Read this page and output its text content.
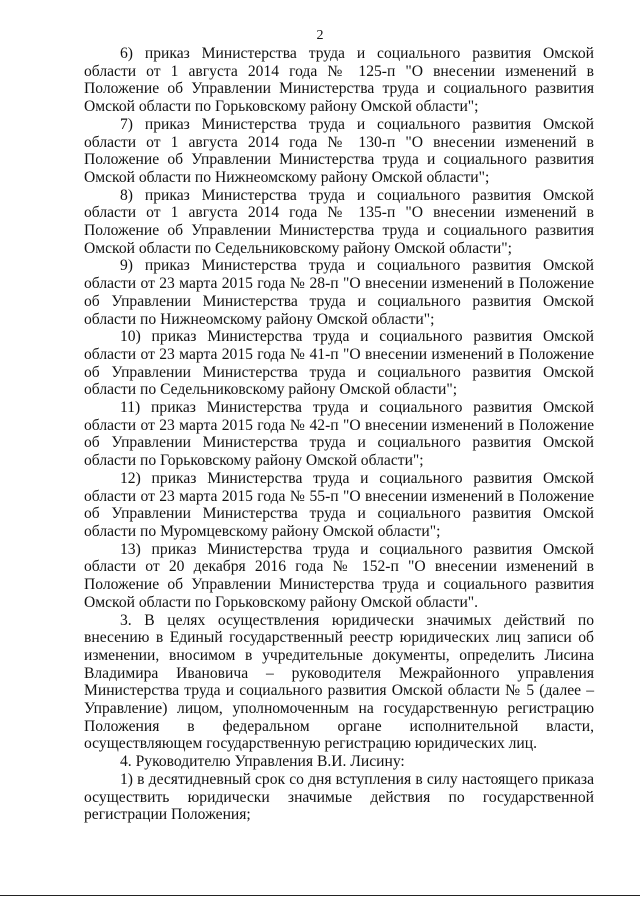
2

6) приказ Министерства труда и социального развития Омской области от 1 августа 2014 года № 125-п "О внесении изменений в Положение об Управлении Министерства труда и социального развития Омской области по Горьковскому району Омской области";

7) приказ Министерства труда и социального развития Омской области от 1 августа 2014 года № 130-п "О внесении изменений в Положение об Управлении Министерства труда и социального развития Омской области по Нижнеомскому району Омской области";

8) приказ Министерства труда и социального развития Омской области от 1 августа 2014 года № 135-п "О внесении изменений в Положение об Управлении Министерства труда и социального развития Омской области по Седельниковскому району Омской области";

9) приказ Министерства труда и социального развития Омской области от 23 марта 2015 года № 28-п "О внесении изменений в Положение об Управлении Министерства труда и социального развития Омской области по Нижнеомскому району Омской области";

10) приказ Министерства труда и социального развития Омской области от 23 марта 2015 года № 41-п "О внесении изменений в Положение об Управлении Министерства труда и социального развития Омской области по Седельниковскому району Омской области";

11) приказ Министерства труда и социального развития Омской области от 23 марта 2015 года № 42-п "О внесении изменений в Положение об Управлении Министерства труда и социального развития Омской области по Горьковскому району Омской области";

12) приказ Министерства труда и социального развития Омской области от 23 марта 2015 года № 55-п "О внесении изменений в Положение об Управлении Министерства труда и социального развития Омской области по Муромцевскому району Омской области";

13) приказ Министерства труда и социального развития Омской области от 20 декабря 2016 года № 152-п "О внесении изменений в Положение об Управлении Министерства труда и социального развития Омской области по Горьковскому району Омской области".

3. В целях осуществления юридически значимых действий по внесению в Единый государственный реестр юридических лиц записи об изменении, вносимом в учредительные документы, определить Лисина Владимира Ивановича – руководителя Межрайонного управления Министерства труда и социального развития Омской области № 5 (далее – Управление) лицом, уполномоченным на государственную регистрацию Положения в федеральном органе исполнительной власти, осуществляющем государственную регистрацию юридических лиц.

4. Руководителю Управления В.И. Лисину:

1) в десятидневный срок со дня вступления в силу настоящего приказа осуществить юридически значимые действия по государственной регистрации Положения;
